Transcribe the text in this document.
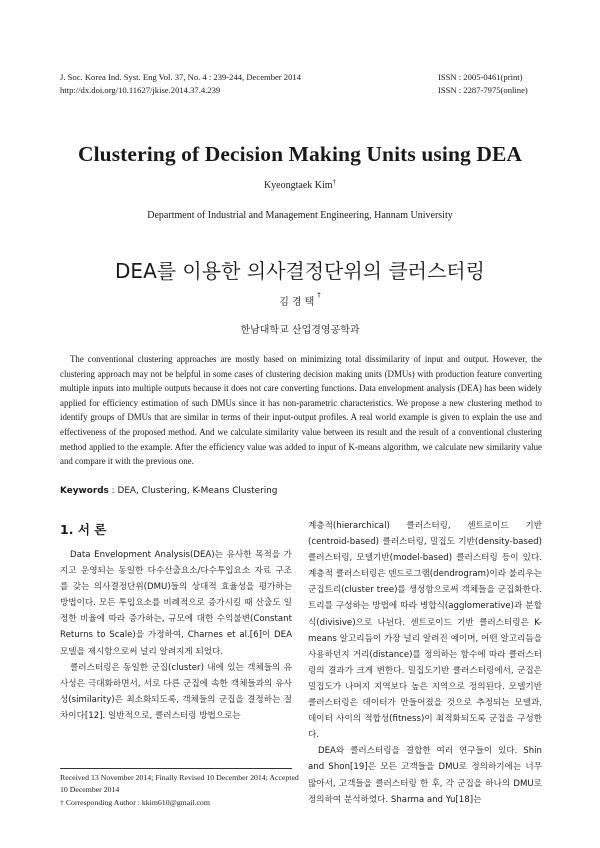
J. Soc. Korea Ind. Syst. Eng Vol. 37, No. 4 : 239-244, December 2014
http://dx.doi.org/10.11627/jkise.2014.37.4.239
ISSN : 2005-0461(print)
ISSN : 2287-7975(online)
Clustering of Decision Making Units using DEA
Kyeongtaek Kim†
Department of Industrial and Management Engineering, Hannam University
DEA를 이용한 의사결정단위의 클러스터링
김경택†
한남대학교 산업경영공학과
The conventional clustering approaches are mostly based on minimizing total dissimilarity of input and output. However, the clustering approach may not be helpful in some cases of clustering decision making units (DMUs) with production feature converting multiple inputs into multiple outputs because it does not care converting functions. Data envelopment analysis (DEA) has been widely applied for efficiency estimation of such DMUs since it has non-parametric characteristics. We propose a new clustering method to identify groups of DMUs that are similar in terms of their input-output profiles. A real world example is given to explain the use and effectiveness of the proposed method. And we calculate similarity value between its result and the result of a conventional clustering method applied to the example. After the efficiency value was added to input of K-means algorithm, we calculate new similarity value and compare it with the previous one.
Keywords : DEA, Clustering, K-Means Clustering
1. 서 론

Data Envelopment Analysis(DEA)는 유사한 목적을 가지고 운영되는 동일한 다수산출요소/다수투입요소 자료 구조를 갖는 의사결정단위(DMU)들의 상대적 효율성을 평가하는 방법이다. 모든 투입요소를 비례적으로 증가시킬 때 산출도 일정한 비율에 따라 증가하는, 규모에 대한 수익불변(Constant Returns to Scale)을 가정하여, Charnes et al.[6]이 DEA 모델을 제시함으로써 널리 알려지게 되었다.

클러스터링은 동일한 군집(cluster) 내에 있는 객체들의 유사성은 극대화하면서, 서로 다른 군집에 속한 객체들과의 유사성(similarity)은 최소화되도록, 객체들의 군집을 결정하는 절차이다[12]. 일반적으로, 클러스터링 방법으로는

계층적(hierarchical) 클러스터링, 센트로이드 기반(centroid-based) 클러스터링, 밀집도 기반(density-based) 클러스터링, 모델기반(model-based) 클러스터링 등이 있다. 계층적 클러스터링은 덴드로그램(dendrogram)이라 불리우는 군집트리(cluster tree)를 생성함으로써 객체들을 군집화한다. 트리를 구성하는 방법에 따라 병합식(agglomerative)과 분할식(divisive)으로 나뉜다. 센트로이드 기반 클러스터링은 K-means 알고리듬이 가장 널리 알려진 예이며, 어떤 알고리듬을 사용하던지 거리(distance)를 정의하는 함수에 따라 클러스터링의 결과가 크게 변한다. 밀집도기반 클러스터링에서, 군집은 밀집도가 나머지 지역보다 높은 지역으로 정의된다. 모델기반 클러스터링은 데이터가 만들어졌을 것으로 추정되는 모델과, 데이터 사이의 적합성(fitness)이 최적화되도록 군집을 구성한다.

DEA와 클러스터링을 결합한 여러 연구들이 있다. Shin and Shon[19]은 모든 고객들을 DMU로 정의하기에는 너무 많아서, 고객들을 클러스터링 한 후, 각 군집을 하나의 DMU로 정의하여 분석하였다. Sharma and Yu[18]는

Received 13 November 2014; Finally Revised 10 December 2014; Accepted 10 December 2014
† Corresponding Author : kkim610@gmail.com
